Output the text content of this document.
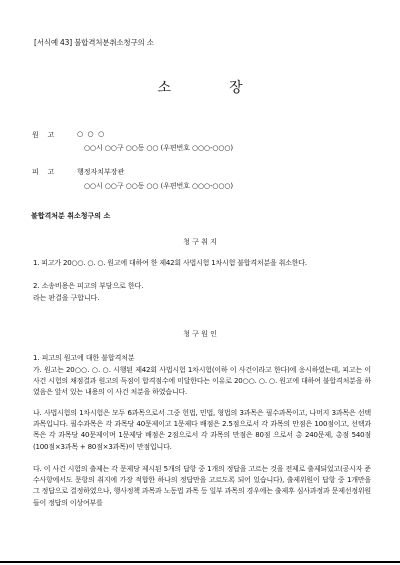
[서식예 43] 불합격처분취소청구의 소
소	장
원    고	○  ○  ○
○○시 ○○구 ○○동 ○○ (우편번호 ○○○-○○○)
피    고	행정자치부장관
○○시 ○○구 ○○동 ○○ (우편번호 ○○○-○○○)
불합격처분 취소청구의 소
청 구 취 지
1. 피고가 20○○. ○. ○. 원고에 대하여 한 제42회 사법시험 1차시험 불합격처분을 취소한다.
2. 소송비용은 피고의 부담으로 한다.
라는 판결을 구합니다.
청 구 원 인
1. 피고의 원고에 대한 불합격처분
가. 원고는 20○○. ○. ○. 시행된 제42회 사법시험 1차시험(이하 이 사건이라고 한다)에 응시하였는데, 피고는 이 사건 시험의 채점결과 원고의 득점이 합격점수에 미달한다는 이유로 20○○. ○. ○. 원고에 대하여 불합격처분을 하였음은 앞서 있는 내용의 이 사건 처분을 하였습니다.
나. 사법시험의 1차시험은 모두 6과목으로서 그중 헌법, 민법, 형법의 3과목은 필수과목이고, 나머지 3과목은 선택과목입니다. 필수과목은 각 과목당 40문제이고 1문제다 배점은 2.5점으로서 각 과목의 만점은 100점이고, 선택과목은 각 과목당 40문제이며 1문제당 배점은 2점으로서 각 과목의 만점은 80점 으로서 총 240문제, 총점 540점(100점×3과목 + 80점×3과목)이 만점입니다.
다. 이 사건 시험의 출제는 각 문제당 제시된 5개의 답항 중 1개의 정답을 고르는 것을 전제로 출제되었고(공시자 준수사항에서도 문항의 취지에 가장 적합한 하나의 정답만을 고르도록 되어 있습니다), 출제위원이 답항 중 1개만을 그 정답으로 결정하였으나, 행사정책 과목과 노동법 과목 등 일부 과목의 경우에는 출제후 심사과정과 문제선정위원들이 정답의 이상여부를
